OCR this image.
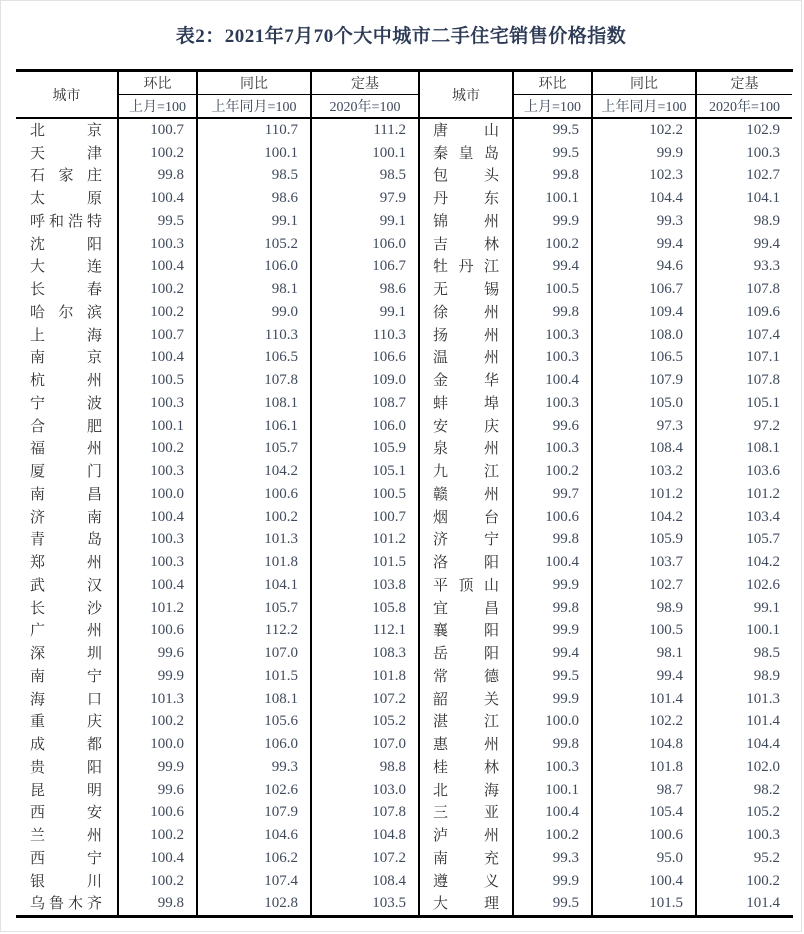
表2：2021年7月70个大中城市二手住宅销售价格指数
城市
环比	同比	定基
城市
环比	同比	定基
上月=100	上年同月=100	2020年=100	上月=100	上年同月=100	2020年=100
北京	100.7	110.7	111.2	唐山	99.5	102.2	102.9
天津	100.2	100.1	100.1	秦皇岛	99.5	99.9	100.3
石家庄	99.8	98.5	98.5	包头	99.8	102.3	102.7
太原	100.4	98.6	97.9	丹东	100.1	104.4	104.1
呼和浩特	99.5	99.1	99.1	锦州	99.9	99.3	98.9
沈阳	100.3	105.2	106.0	吉林	100.2	99.4	99.4
大连	100.4	106.0	106.7	牡丹江	99.4	94.6	93.3
长春	100.2	98.1	98.6	无锡	100.5	106.7	107.8
哈尔滨	100.2	99.0	99.1	徐州	99.8	109.4	109.6
上海	100.7	110.3	110.3	扬州	100.3	108.0	107.4
南京	100.4	106.5	106.6	温州	100.3	106.5	107.1
杭州	100.5	107.8	109.0	金华	100.4	107.9	107.8
宁波	100.3	108.1	108.7	蚌埠	100.3	105.0	105.1
合肥	100.1	106.1	106.0	安庆	99.6	97.3	97.2
福州	100.2	105.7	105.9	泉州	100.3	108.4	108.1
厦门	100.3	104.2	105.1	九江	100.2	103.2	103.6
南昌	100.0	100.6	100.5	赣州	99.7	101.2	101.2
济南	100.4	100.2	100.7	烟台	100.6	104.2	103.4
青岛	100.3	101.3	101.2	济宁	99.8	105.9	105.7
郑州	100.3	101.8	101.5	洛阳	100.4	103.7	104.2
武汉	100.4	104.1	103.8	平顶山	99.9	102.7	102.6
长沙	101.2	105.7	105.8	宜昌	99.8	98.9	99.1
广州	100.6	112.2	112.1	襄阳	99.9	100.5	100.1
深圳	99.6	107.0	108.3	岳阳	99.4	98.1	98.5
南宁	99.9	101.5	101.8	常德	99.5	99.4	98.9
海口	101.3	108.1	107.2	韶关	99.9	101.4	101.3
重庆	100.2	105.6	105.2	湛江	100.0	102.2	101.4
成都	100.0	106.0	107.0	惠州	99.8	104.8	104.4
贵阳	99.9	99.3	98.8	桂林	100.3	101.8	102.0
昆明	99.6	102.6	103.0	北海	100.1	98.7	98.2
西安	100.6	107.9	107.8	三亚	100.4	105.4	105.2
兰州	100.2	104.6	104.8	泸州	100.2	100.6	100.3
西宁	100.4	106.2	107.2	南充	99.3	95.0	95.2
银川	100.2	107.4	108.4	遵义	99.9	100.4	100.2
乌鲁木齐	99.8	102.8	103.5	大理	99.5	101.5	101.4
